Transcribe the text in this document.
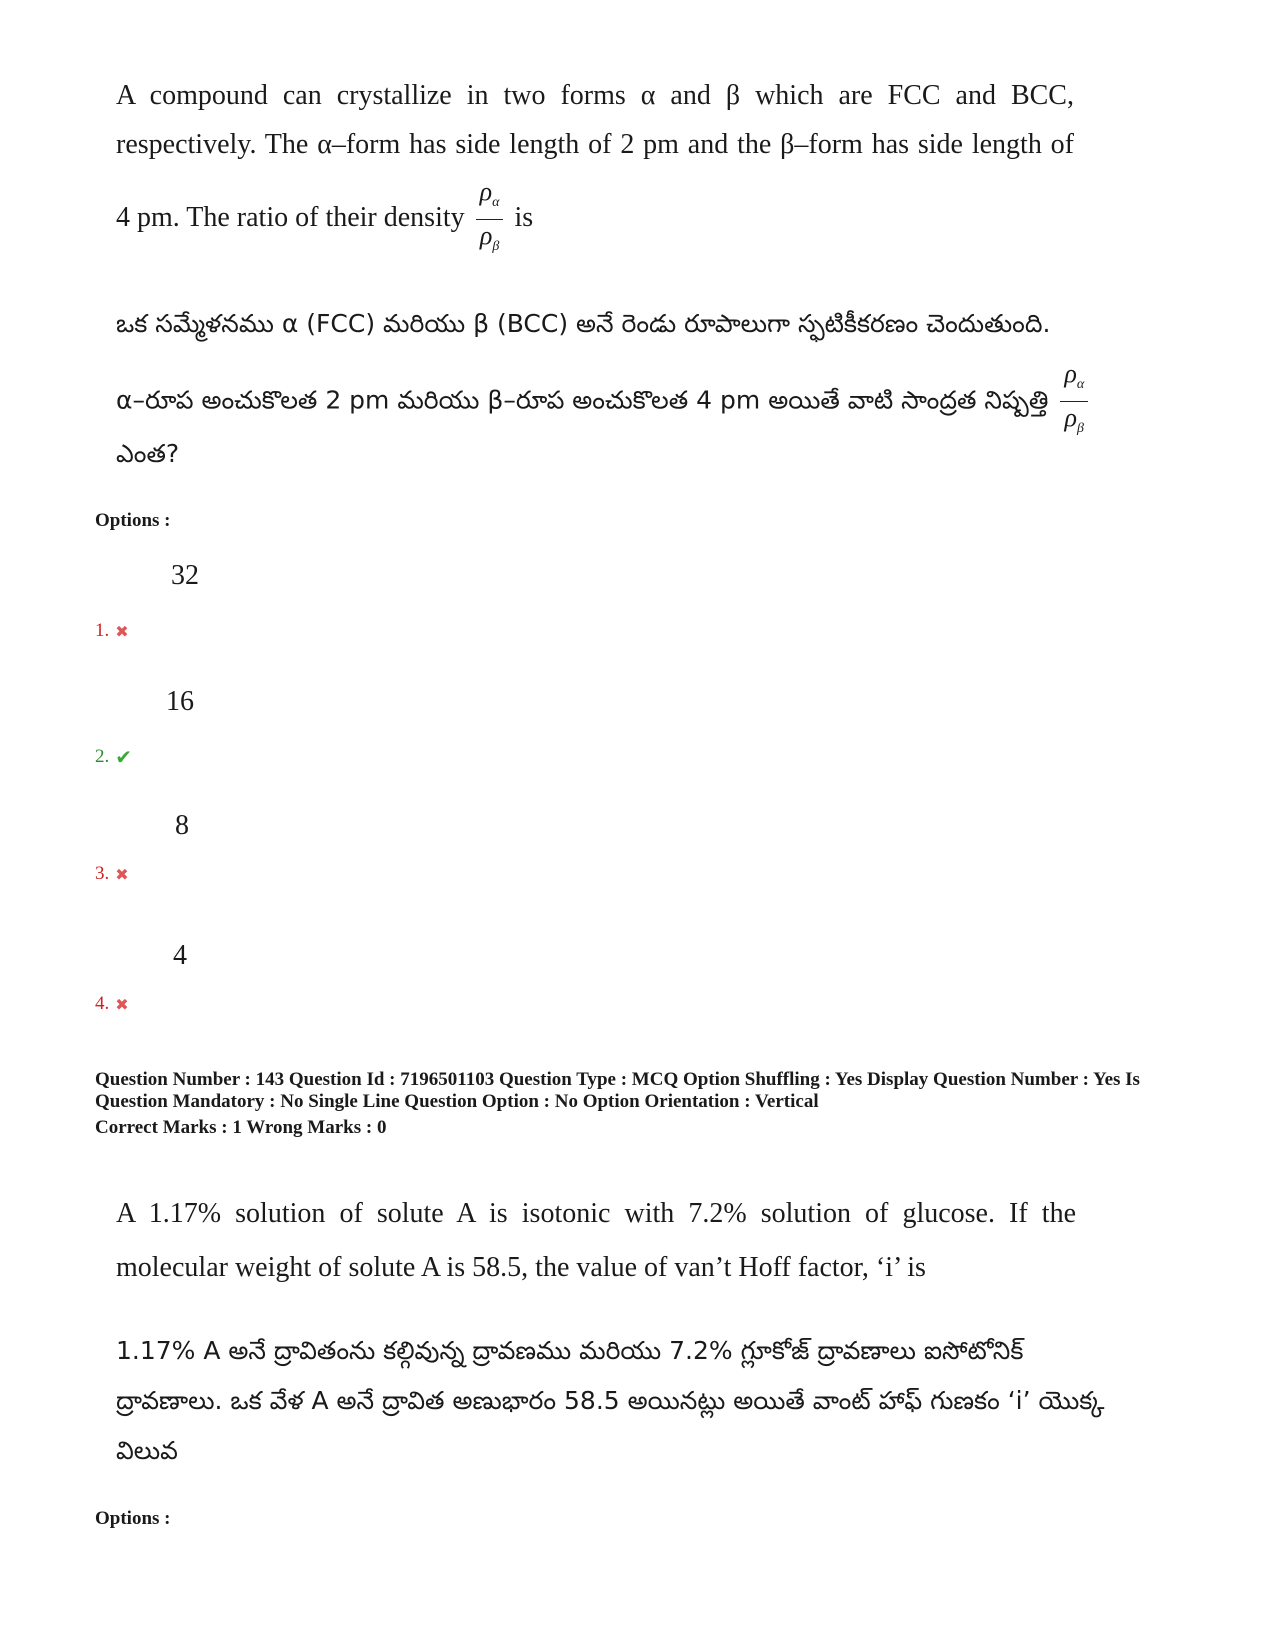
A compound can crystallize in two forms α and β which are FCC and BCC,
respectively. The α–form has side length of 2 pm and the β–form has side length of
4 pm. The ratio of their density $\frac{\rho_\alpha}{\rho_\beta}$ is
ఒక సమ్మేళనము α (FCC) మరియు β (BCC) అనే రెండు రూపాలుగా స్ఫటికీకరణం చెందుతుంది.
α–రూప అంచుకొలత 2 pm మరియు β–రూప అంచుకొలత 4 pm అయితే వాటి సాంద్రత నిష్పత్తి $\frac{\rho_\alpha}{\rho_\beta}$
ఎంత?
Options :
32
1. ✖
16
2. ✔
8
3. ✖
4
4. ✖
Question Number : 143 Question Id : 7196501103 Question Type : MCQ Option Shuffling : Yes Display Question Number : Yes Is
Question Mandatory : No Single Line Question Option : No Option Orientation : Vertical
Correct Marks : 1 Wrong Marks : 0
A 1.17% solution of solute A is isotonic with 7.2% solution of glucose. If the
molecular weight of solute A is 58.5, the value of van’t Hoff factor, ‘i’ is
1.17% A అనే ద్రావితంను కల్గివున్న ద్రావణము మరియు 7.2% గ్లూకోజ్ ద్రావణాలు ఐసోటోనిక్
ద్రావణాలు. ఒక వేళ A అనే ద్రావిత అణుభారం 58.5 అయినట్లు అయితే వాంట్ హాఫ్ గుణకం ‘i’ యొక్క
విలువ
Options :
